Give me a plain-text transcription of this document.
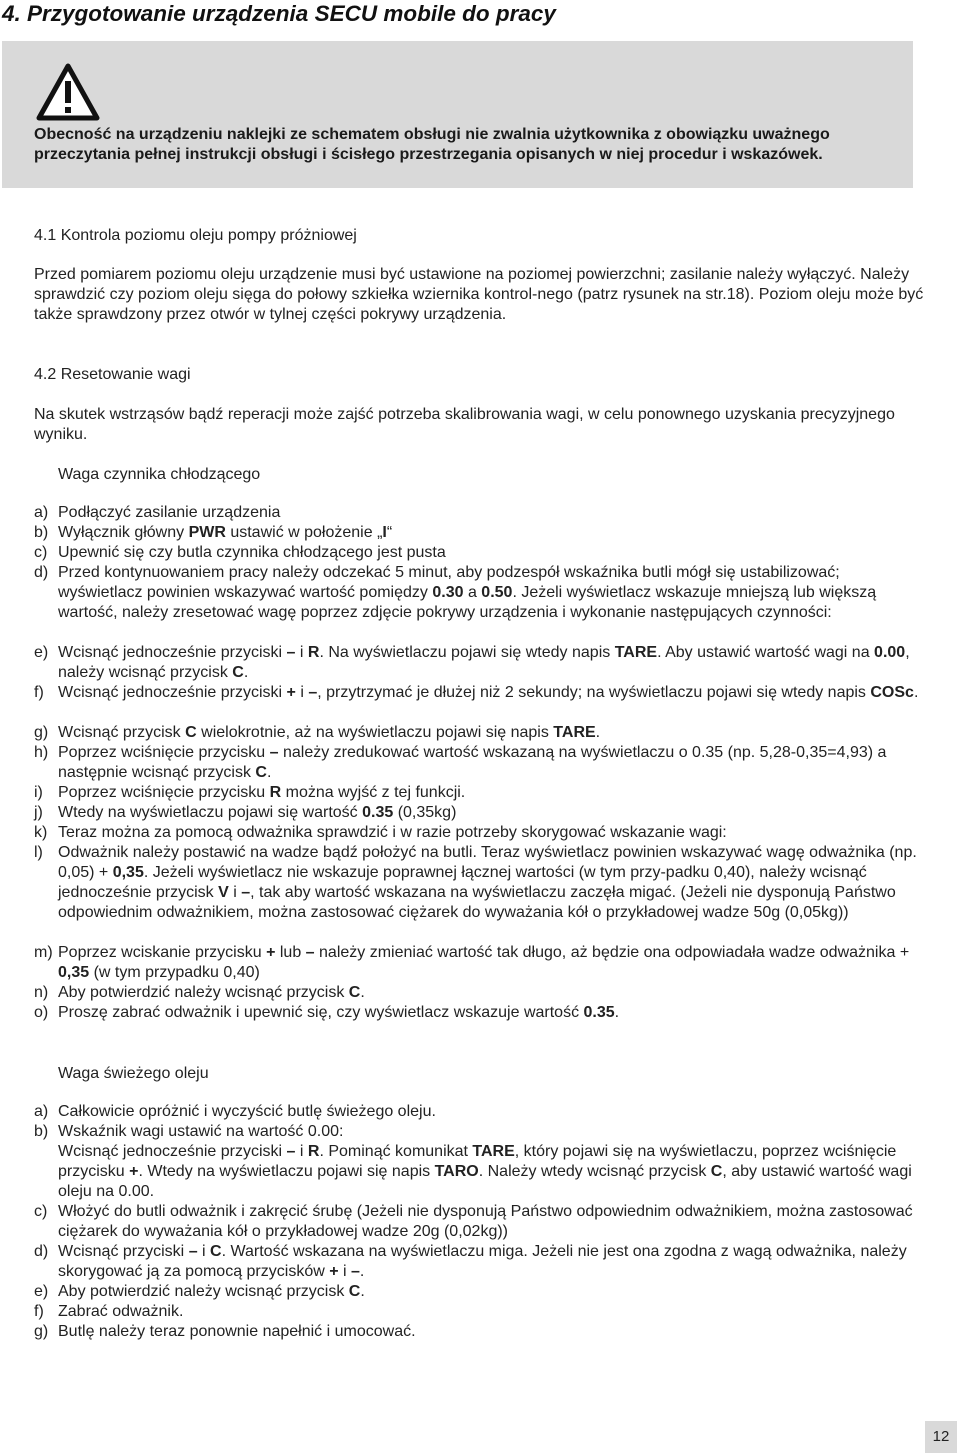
4. Przygotowanie urządzenia SECU mobile do pracy
Obecność na urządzeniu naklejki ze schematem obsługi nie zwalnia użytkownika z obowiązku uważnego przeczytania pełnej instrukcji obsługi i ścisłego przestrzegania opisanych w niej procedur i wskazówek.
4.1 Kontrola poziomu oleju pompy próżniowej
Przed pomiarem poziomu oleju urządzenie musi być ustawione na poziomej powierzchni; zasilanie należy wyłączyć. Należy sprawdzić czy poziom oleju sięga do połowy szkiełka wziernika kontrol-nego (patrz rysunek na str.18). Poziom oleju może być także sprawdzony przez otwór w tylnej części pokrywy urządzenia.
4.2 Resetowanie wagi
Na skutek wstrząsów bądź reperacji może zajść potrzeba skalibrowania wagi, w celu ponownego uzyskania precyzyjnego wyniku.
Waga czynnika chłodzącego
a) Podłączyć zasilanie urządzenia
b) Wyłącznik główny PWR ustawić w położenie „I“
c) Upewnić się czy butla czynnika chłodzącego jest pusta
d) Przed kontynuowaniem pracy należy odczekać 5 minut, aby podzespół wskaźnika butli mógł się ustabilizować; wyświetlacz powinien wskazywać wartość pomiędzy 0.30 a 0.50. Jeżeli wyświetlacz wskazuje mniejszą lub większą wartość, należy zresetować wagę poprzez zdjęcie pokrywy urządzenia i wykonanie następujących czynności:
e) Wcisnąć jednocześnie przyciski – i R. Na wyświetlaczu pojawi się wtedy napis TARE. Aby ustawić wartość wagi na 0.00, należy wcisnąć przycisk C.
f) Wcisnąć jednocześnie przyciski + i –, przytrzymać je dłużej niż 2 sekundy; na wyświetlaczu pojawi się wtedy napis COSc.
g) Wcisnąć przycisk C wielokrotnie, aż na wyświetlaczu pojawi się napis TARE.
h) Poprzez wciśnięcie przycisku – należy zredukować wartość wskazaną na wyświetlaczu o 0.35 (np. 5,28-0,35=4,93) a następnie wcisnąć przycisk C.
i) Poprzez wciśnięcie przycisku R można wyjść z tej funkcji.
j) Wtedy na wyświetlaczu pojawi się wartość 0.35 (0,35kg)
k) Teraz można za pomocą odważnika sprawdzić i w razie potrzeby skorygować wskazanie wagi:
l) Odważnik należy postawić na wadze bądź położyć na butli. Teraz wyświetlacz powinien wskazywać wagę odważnika (np. 0,05) + 0,35. Jeżeli wyświetlacz nie wskazuje poprawnej łącznej wartości (w tym przy-padku 0,40), należy wcisnąć jednocześnie przycisk V i –, tak aby wartość wskazana na wyświetlaczu zaczęła migać. (Jeżeli nie dysponują Państwo odpowiednim odważnikiem, można zastosować ciężarek do wyważania kół o przykładowej wadze 50g (0,05kg))
m) Poprzez wciskanie przycisku + lub – należy zmieniać wartość tak długo, aż będzie ona odpowiadała wadze odważnika + 0,35 (w tym przypadku 0,40)
n) Aby potwierdzić należy wcisnąć przycisk C.
o) Proszę zabrać odważnik i upewnić się, czy wyświetlacz wskazuje wartość 0.35.
Waga świeżego oleju
a) Całkowicie opróżnić i wyczyścić butlę świeżego oleju.
b) Wskaźnik wagi ustawić na wartość 0.00:
Wcisnąć jednocześnie przyciski – i R. Pominąć komunikat TARE, który pojawi się na wyświetlaczu, poprzez wciśnięcie przycisku +. Wtedy na wyświetlaczu pojawi się napis TARO. Należy wtedy wcisnąć przycisk C, aby ustawić wartość wagi oleju na 0.00.
c) Włożyć do butli odważnik i zakręcić śrubę (Jeżeli nie dysponują Państwo odpowiednim odważnikiem, można zastosować ciężarek do wyważania kół o przykładowej wadze 20g (0,02kg))
d) Wcisnąć przyciski – i C. Wartość wskazana na wyświetlaczu miga. Jeżeli nie jest ona zgodna z wagą odważnika, należy skorygować ją za pomocą przycisków + i –.
e) Aby potwierdzić należy wcisnąć przycisk C.
f) Zabrać odważnik.
g) Butlę należy teraz ponownie napełnić i umocować.
12
